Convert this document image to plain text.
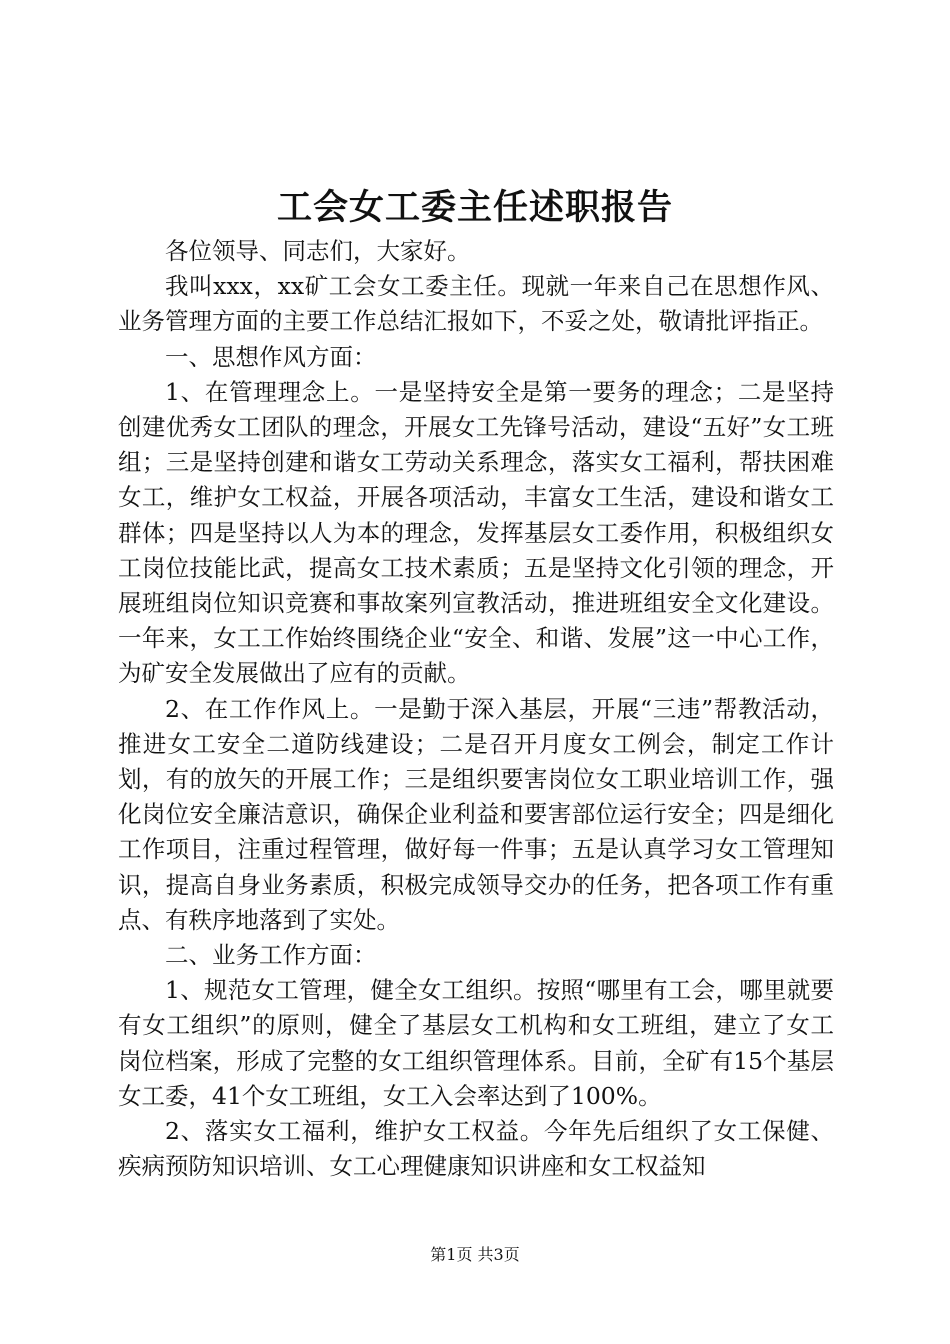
工会女工委主任述职报告

各位领导、同志们，大家好。

我叫xxx，xx矿工会女工委主任。现就一年来自己在思想作风、业务管理方面的主要工作总结汇报如下，不妥之处，敬请批评指正。

一、思想作风方面：

1、在管理理念上。一是坚持安全是第一要务的理念；二是坚持创建优秀女工团队的理念，开展女工先锋号活动，建设“五好”女工班组；三是坚持创建和谐女工劳动关系理念，落实女工福利，帮扶困难女工，维护女工权益，开展各项活动，丰富女工生活，建设和谐女工群体；四是坚持以人为本的理念，发挥基层女工委作用，积极组织女工岗位技能比武，提高女工技术素质；五是坚持文化引领的理念，开展班组岗位知识竞赛和事故案列宣教活动，推进班组安全文化建设。一年来，女工工作始终围绕企业“安全、和谐、发展”这一中心工作，为矿安全发展做出了应有的贡献。

2、在工作作风上。一是勤于深入基层，开展“三违”帮教活动，推进女工安全二道防线建设；二是召开月度女工例会，制定工作计划，有的放矢的开展工作；三是组织要害岗位女工职业培训工作，强化岗位安全廉洁意识，确保企业利益和要害部位运行安全；四是细化工作项目，注重过程管理，做好每一件事；五是认真学习女工管理知识，提高自身业务素质，积极完成领导交办的任务，把各项工作有重点、有秩序地落到了实处。

二、业务工作方面：

1、规范女工管理，健全女工组织。按照“哪里有工会，哪里就要有女工组织”的原则，健全了基层女工机构和女工班组，建立了女工岗位档案，形成了完整的女工组织管理体系。目前，全矿有15个基层女工委，41个女工班组，女工入会率达到了100%。

2、落实女工福利，维护女工权益。今年先后组织了女工保健、疾病预防知识培训、女工心理健康知识讲座和女工权益知

第1页 共3页
